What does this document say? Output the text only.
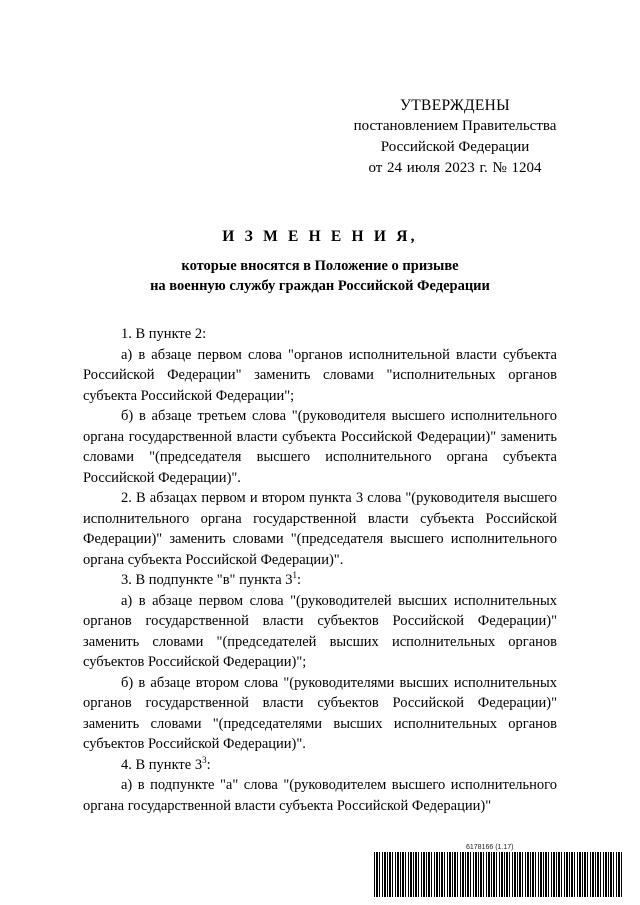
УТВЕРЖДЕНЫ
постановлением Правительства
Российской Федерации
от 24 июля 2023 г. № 1204
И З М Е Н Е Н И Я,
которые вносятся в Положение о призыве
на военную службу граждан Российской Федерации

1. В пункте 2:

а) в абзаце первом слова "органов исполнительной власти субъекта Российской Федерации" заменить словами "исполнительных органов субъекта Российской Федерации";

б) в абзаце третьем слова "(руководителя высшего исполнительного органа государственной власти субъекта Российской Федерации)" заменить словами "(председателя высшего исполнительного органа субъекта Российской Федерации)".

2. В абзацах первом и втором пункта 3 слова "(руководителя высшего исполнительного органа государственной власти субъекта Российской Федерации)" заменить словами "(председателя высшего исполнительного органа субъекта Российской Федерации)".

3. В подпункте "в" пункта $3^1$:

а) в абзаце первом слова "(руководителей высших исполнительных органов государственной власти субъектов Российской Федерации)" заменить словами "(председателей высших исполнительных органов субъектов Российской Федерации)";

б) в абзаце втором слова "(руководителями высших исполнительных органов государственной власти субъектов Российской Федерации)" заменить словами "(председателями высших исполнительных органов субъектов Российской Федерации)".

4. В пункте $3^3$:

а) в подпункте "а" слова "(руководителем высшего исполнительного органа государственной власти субъекта Российской Федерации)"

6178166 (1.17)
